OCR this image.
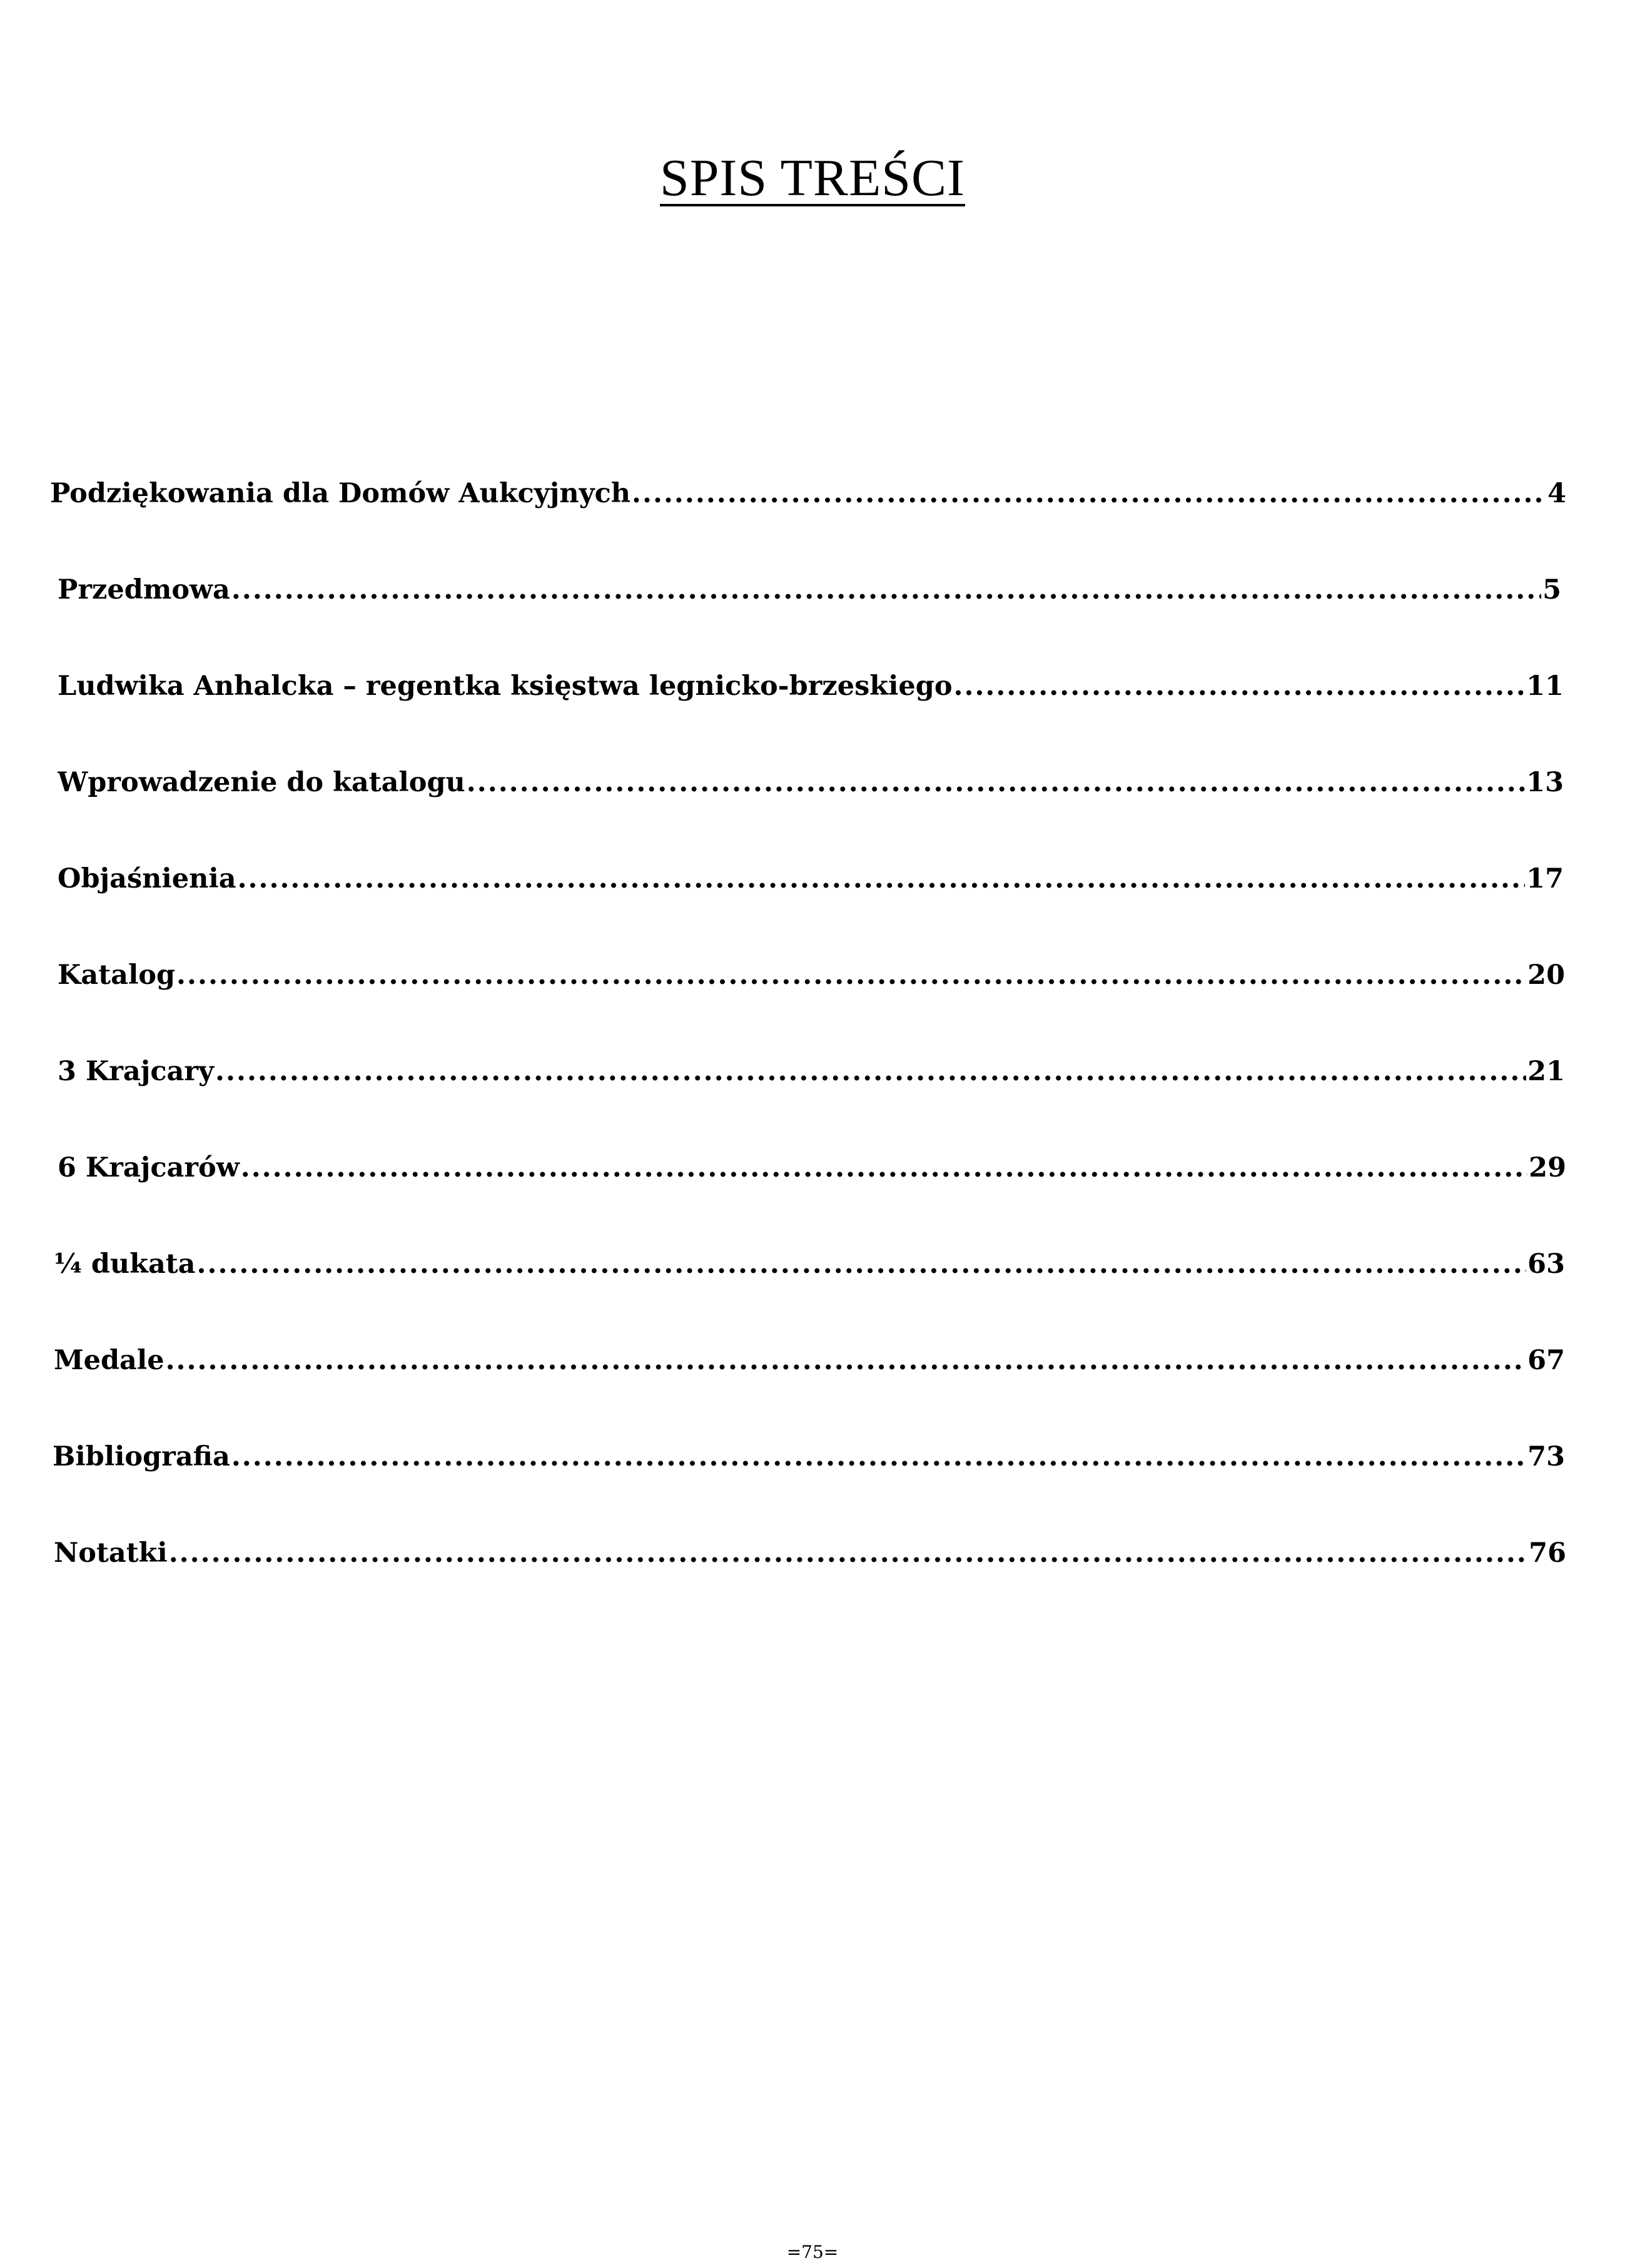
SPIS TREŚCI
Podziękowania dla Domów Aukcyjnych .....	4
Przedmowa .....	5
Ludwika Anhalcka – regentka księstwa legnicko-brzeskiego .....	11
Wprowadzenie do katalogu .....	13
Objaśnienia .....	17
Katalog .....	20
3 Krajcary .....	21
6 Krajcarów .....	29
¼ dukata .....	63
Medale .....	67
Bibliografia .....	73
Notatki .....	76
=75=
